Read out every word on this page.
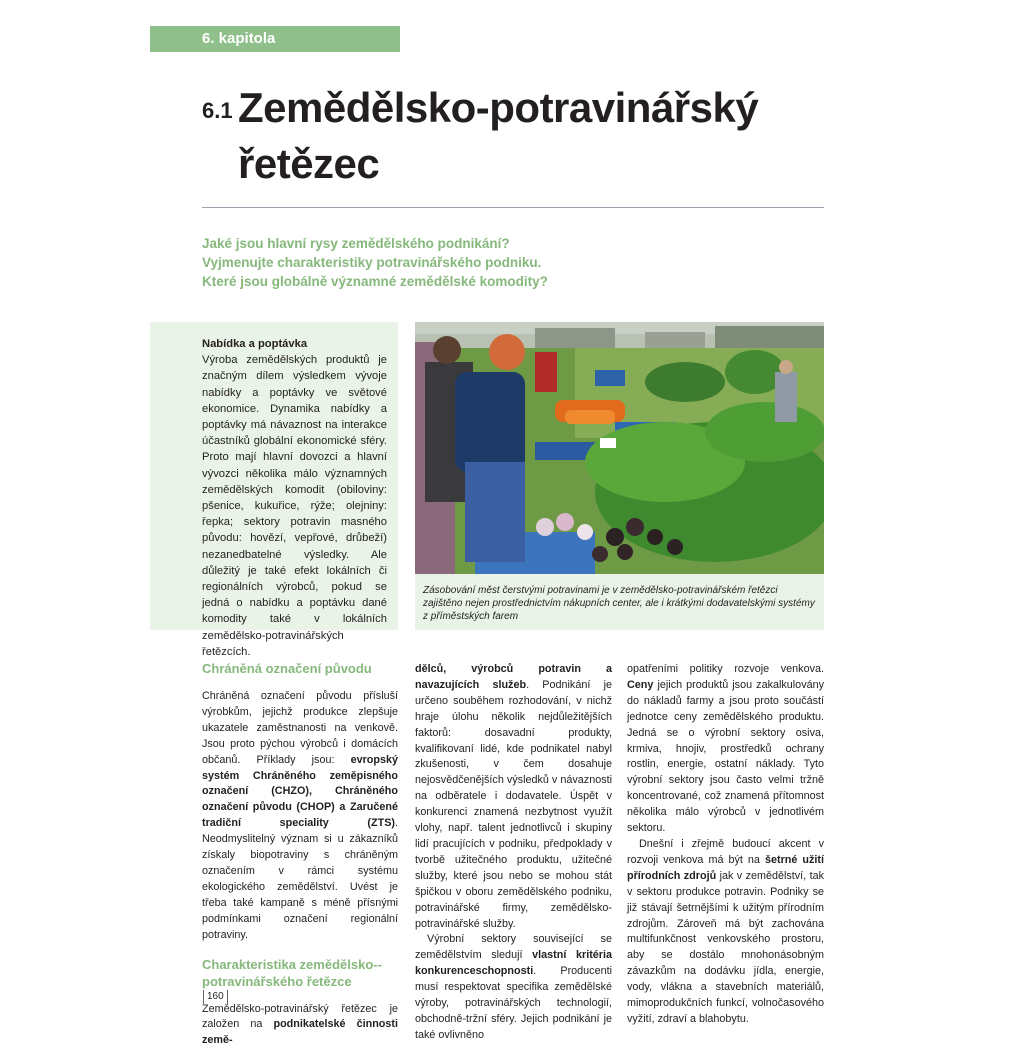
6. kapitola
6.1 Zemědělsko-potravinářský
řetězec
Jaké jsou hlavní rysy zemědělského podnikání?
Vyjmenujte charakteristiky potravinářského podniku.
Které jsou globálně významné zemědělské komodity?
Nabídka a poptávka
Výroba zemědělských produktů je značným dílem výsledkem vývoje nabídky a poptávky ve světové ekonomice. Dynamika nabídky a poptávky má návaznost na interakce účastníků globální ekonomické sféry. Proto mají hlavní dovozci a hlavní vývozci několika málo významných zemědělských komodit (obiloviny: pšenice, kukuřice, rýže; olejniny: řepka; sektory potravin masného původu: hovězí, vepřové, drůbeží) nezanedbatelné výsledky. Ale důležitý je také efekt lokálních či regionálních výrobců, pokud se jedná o nabídku a poptávku dané komodity také v lokálních zemědělsko-potravinářských řetězcích.
Zásobování měst čerstvými potravinami je v zemědělsko-potravinářském řetězci zajištěno nejen prostřednictvím nákupních center, ale i krátkými dodavatelskými systémy z příměstských farem
Chráněná označení původu

Chráněná označení původu přísluší výrobkům, jejichž produkce zlepšuje ukazatele zaměstnanosti na venkově. Jsou proto pýchou výrobců i domácích občanů. Příklady jsou: evropský systém Chráněného zeměpisného označení (CHZO), Chráněného označení původu (CHOP) a Zaručené tradiční speciality (ZTS). Neodmyslitelný význam si u zákazníků získaly biopotraviny s chráněným označením v rámci systému ekologického zemědělství. Uvést je třeba také kampaně s méně přísnými podmínkami označení regionální potraviny.

Charakteristika zemědělsko--potravinářského řetězce

Zemědělsko-potravinářský řetězec je založen na podnikatelské činnosti země-

dělců, výrobců potravin a navazujících služeb. Podnikání je určeno souběhem rozhodování, v nichž hraje úlohu několik nejdůležitějších faktorů: dosavadní produkty, kvalifikovaní lidé, kde podnikatel nabyl zkušenosti, v čem dosahuje nejosvědčenějších výsledků v návaznosti na odběratele i dodavatele. Úspět v konkurenci znamená nezbytnost využít vlohy, např. talent jednotlivců i skupiny lidí pracujících v podniku, předpoklady v tvorbě užitečného produktu, užitečné služby, které jsou nebo se mohou stát špičkou v oboru zemědělského podniku, potravinářské firmy, zemědělsko-potravinářské služby.

Výrobní sektory související se zemědělstvím sledují vlastní kritéria konkurenceschopnosti. Producenti musí respektovat specifika zemědělské výroby, potravinářských technologií, obchodně-tržní sféry. Jejich podnikání je také ovlivněno

opatřeními politiky rozvoje venkova. Ceny jejich produktů jsou zakalkulovány do nákladů farmy a jsou proto součástí jednotce ceny zemědělského produktu. Jedná se o výrobní sektory osiva, krmiva, hnojiv, prostředků ochrany rostlin, energie, ostatní náklady. Tyto výrobní sektory jsou často velmi tržně koncentrované, což znamená přítomnost několika málo výrobců v jednotlivém sektoru.

Dnešní i zřejmě budoucí akcent v rozvoji venkova má být na šetrné užití přírodních zdrojů jak v zemědělství, tak v sektoru produkce potravin. Podniky se již stávají šetrnějšími k užitým přírodním zdrojům. Zároveň má být zachována multifunkčnost venkovského prostoru, aby se dostálo mnohonásobným závazkům na dodávku jídla, energie, vody, vlákna a stavebních materiálů, mimoprodukčních funkcí, volnočasového vyžití, zdraví a blahobytu.

160
